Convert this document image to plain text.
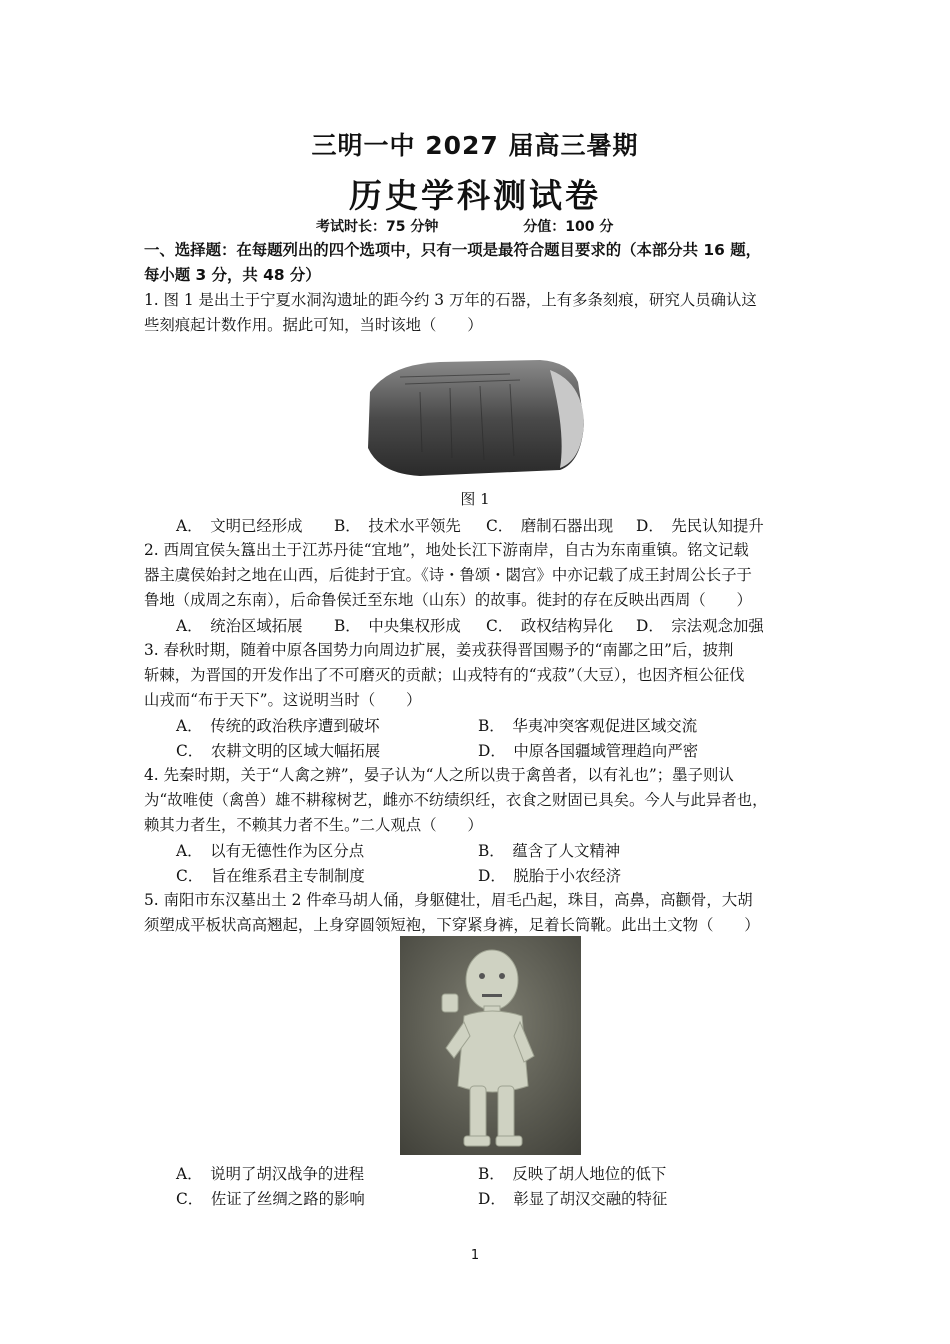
三明一中 2027 届高三暑期
历史学科测试卷
考试时长：75 分钟	分值：100 分
一、选择题：在每题列出的四个选项中，只有一项是最符合题目要求的（本部分共 16 题，
每小题 3 分，共 48 分）
1. 图 1 是出土于宁夏水洞沟遗址的距今约 3 万年的石器，上有多条刻痕，研究人员确认这
些刻痕起计数作用。据此可知，当时该地（　　）
图 1
A．　文明已经形成 B．　技术水平领先 C．　磨制石器出现 D．　先民认知提升
2. 西周宜侯夨簋出土于江苏丹徒“宜地”，地处长江下游南岸，自古为东南重镇。铭文记载
器主虞侯始封之地在山西，后徙封于宜。《诗・鲁颂・閟宫》中亦记载了成王封周公长子于
鲁地（成周之东南），后命鲁侯迁至东地（山东）的故事。徙封的存在反映出西周（　　）
A．　统治区域拓展 B．　中央集权形成 C．　政权结构异化 D．　宗法观念加强
3. 春秋时期，随着中原各国势力向周边扩展，姜戎获得晋国赐予的“南鄙之田”后，披荆
斩棘，为晋国的开发作出了不可磨灭的贡献；山戎特有的“戎菽”（大豆），也因齐桓公征伐
山戎而“布于天下”。这说明当时（　　）
A．　传统的政治秩序遭到破坏	B．　华夷冲突客观促进区域交流
C．　农耕文明的区域大幅拓展	D．　中原各国疆域管理趋向严密
4. 先秦时期，关于“人禽之辨”，晏子认为“人之所以贵于禽兽者，以有礼也”；墨子则认
为“故唯使（禽兽）雄不耕稼树艺，雌亦不纺绩织纴，衣食之财固已具矣。今人与此异者也，
赖其力者生，不赖其力者不生。”二人观点（　　）
A．　以有无德性作为区分点	B．　蕴含了人文精神
C．　旨在维系君主专制制度	D．　脱胎于小农经济
5. 南阳市东汉墓出土 2 件牵马胡人俑，身躯健壮，眉毛凸起，珠目，高鼻，高颧骨，大胡
须塑成平板状高高翘起，上身穿圆领短袍，下穿紧身裤，足着长筒靴。此出土文物（　　）
A．　说明了胡汉战争的进程	B．　反映了胡人地位的低下
C．　佐证了丝绸之路的影响	D．　彰显了胡汉交融的特征
1
